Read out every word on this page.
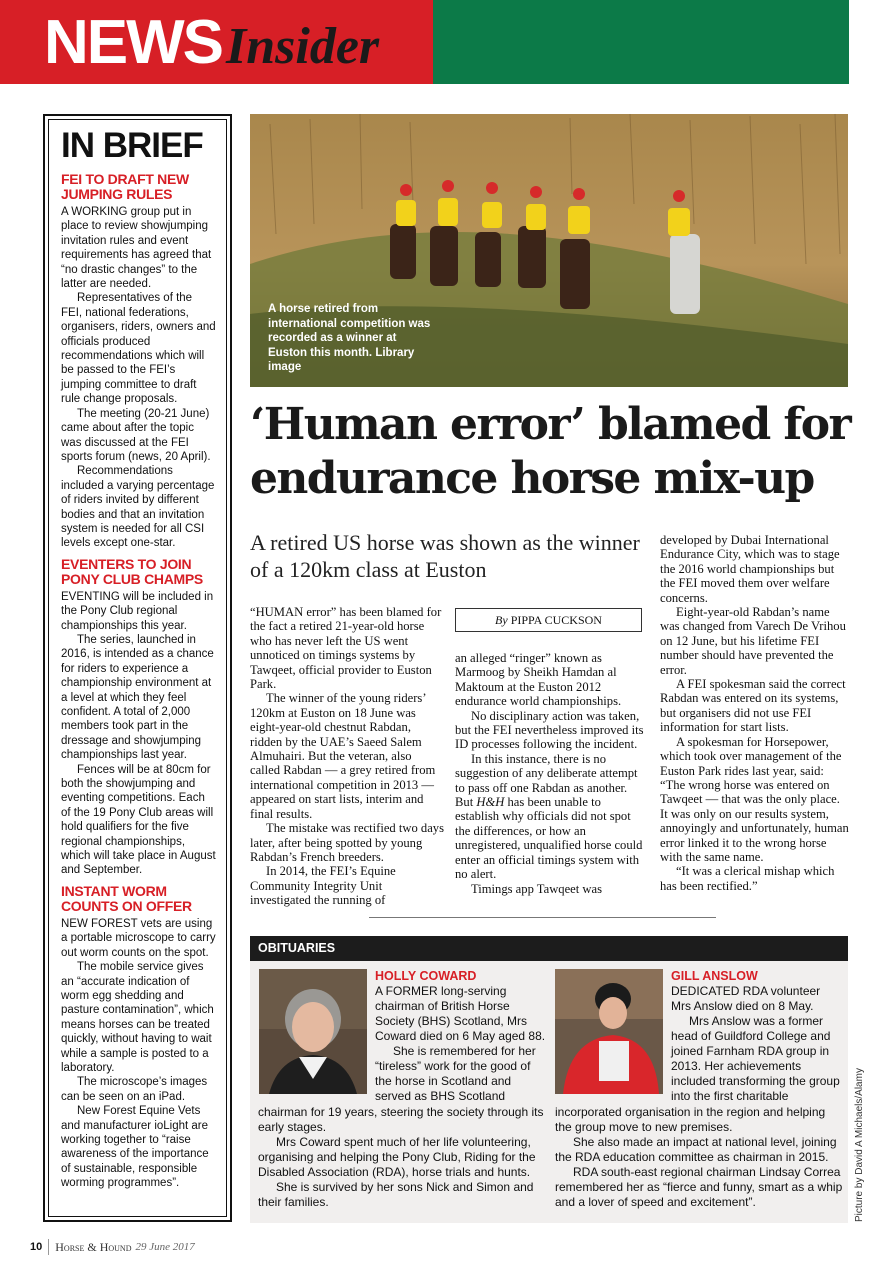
NEWS Insider
IN BRIEF
FEI TO DRAFT NEW JUMPING RULES

A WORKING group put in place to review showjumping invitation rules and event requirements has agreed that “no drastic changes” to the latter are needed.

Representatives of the FEI, national federations, organisers, riders, owners and officials produced recommendations which will be passed to the FEI’s jumping committee to draft rule change proposals.

The meeting (20-21 June) came about after the topic was discussed at the FEI sports forum (news, 20 April).

Recommendations included a varying percentage of riders invited by different bodies and that an invitation system is needed for all CSI levels except one-star.

EVENTERS TO JOIN PONY CLUB CHAMPS

EVENTING will be included in the Pony Club regional championships this year.

The series, launched in 2016, is intended as a chance for riders to experience a championship environment at a level at which they feel confident. A total of 2,000 members took part in the dressage and showjumping championships last year.

Fences will be at 80cm for both the showjumping and eventing competitions. Each of the 19 Pony Club areas will hold qualifiers for the five regional championships, which will take place in August and September.

INSTANT WORM COUNTS ON OFFER

NEW FOREST vets are using a portable microscope to carry out worm counts on the spot.

The mobile service gives an “accurate indication of worm egg shedding and pasture contamination”, which means horses can be treated quickly, without having to wait while a sample is posted to a laboratory.

The microscope’s images can be seen on an iPad.

New Forest Equine Vets and manufacturer ioLight are working together to “raise awareness of the importance of sustainable, responsible worming programmes”.

A horse retired from international competition was recorded as a winner at Euston this month. Library image
‘Human error’ blamed for endurance horse mix-up
A retired US horse was shown as the winner of a 120km class at Euston
By PIPPA CUCKSON

“HUMAN error” has been blamed for the fact a retired 21-year-old horse who has never left the US went unnoticed on timings systems by Tawqeet, official provider to Euston Park.

The winner of the young riders’ 120km at Euston on 18 June was eight-year-old chestnut Rabdan, ridden by the UAE’s Saeed Salem Almuhairi. But the veteran, also called Rabdan — a grey retired from international competition in 2013 — appeared on start lists, interim and final results.

The mistake was rectified two days later, after being spotted by young Rabdan’s French breeders.

In 2014, the FEI’s Equine Community Integrity Unit investigated the running of

an alleged “ringer” known as Marmoog by Sheikh Hamdan al Maktoum at the Euston 2012 endurance world championships.

No disciplinary action was taken, but the FEI nevertheless improved its ID processes following the incident.

In this instance, there is no suggestion of any deliberate attempt to pass off one Rabdan as another. But H&H has been unable to establish why officials did not spot the differences, or how an unregistered, unqualified horse could enter an official timings system with no alert.

Timings app Tawqeet was

developed by Dubai International Endurance City, which was to stage the 2016 world championships but the FEI moved them over welfare concerns.

Eight-year-old Rabdan’s name was changed from Varech De Vrihou on 12 June, but his lifetime FEI number should have prevented the error.

A FEI spokesman said the correct Rabdan was entered on its systems, but organisers did not use FEI information for start lists.

A spokesman for Horsepower, which took over management of the Euston Park rides last year, said: “The wrong horse was entered on Tawqeet — that was the only place. It was only on our results system, annoyingly and unfortunately, human error linked it to the wrong horse with the same name.

“It was a clerical mishap which has been rectified.”

OBITUARIES
HOLLY COWARD

A FORMER long-serving chairman of British Horse Society (BHS) Scotland, Mrs Coward died on 6 May aged 88.

She is remembered for her “tireless” work for the good of the horse in Scotland and served as BHS Scotland

chairman for 19 years, steering the society through its early stages.

Mrs Coward spent much of her life volunteering, organising and helping the Pony Club, Riding for the Disabled Association (RDA), horse trials and hunts.

She is survived by her sons Nick and Simon and their families.

GILL ANSLOW

DEDICATED RDA volunteer Mrs Anslow died on 8 May.

Mrs Anslow was a former head of Guildford College and joined Farnham RDA group in 2013. Her achievements included transforming the group into the first charitable

incorporated organisation in the region and helping the group move to new premises.

She also made an impact at national level, joining the RDA education committee as chairman in 2015.

RDA south-east regional chairman Lindsay Correa remembered her as “fierce and funny, smart as a whip and a lover of speed and excitement”.	Picture by David A Michaels/Alamy
10	Horse & Hound 29 June 2017
